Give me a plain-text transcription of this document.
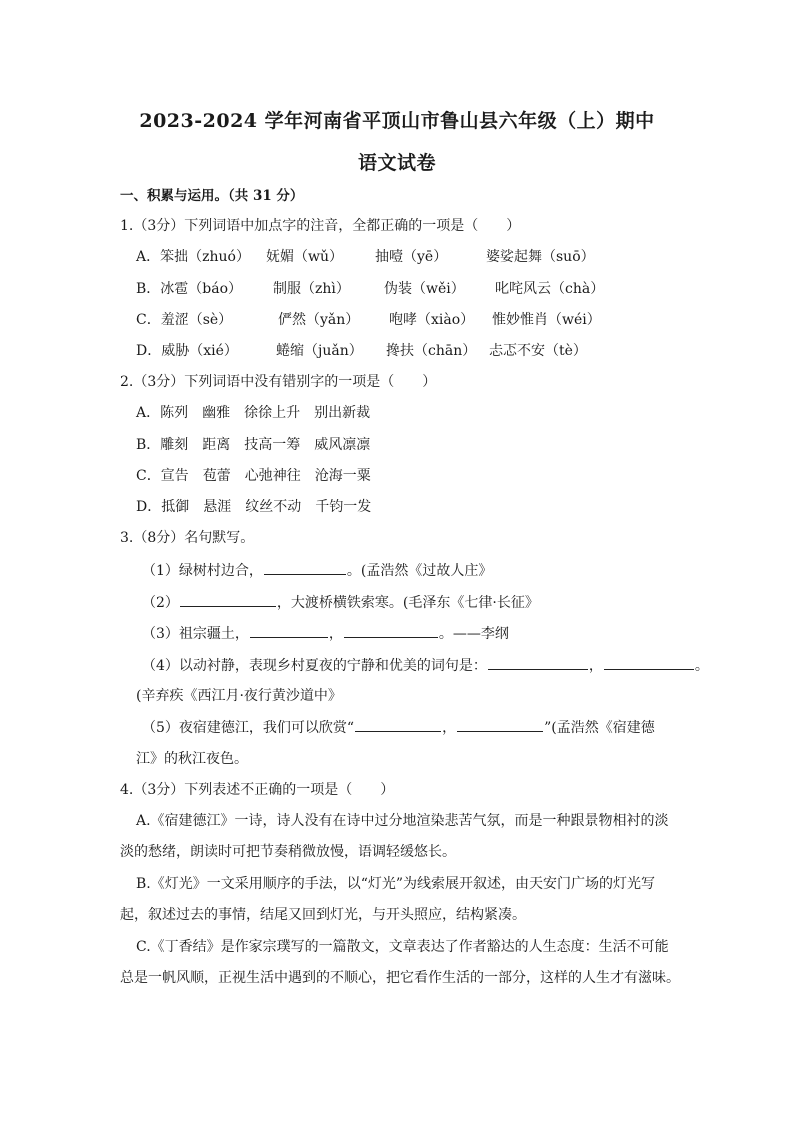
2023-2024 学年河南省平顶山市鲁山县六年级（上）期中
语文试卷
一、积累与运用。（共 31 分）
1.（3分）下列词语中加点字的注音，全都正确的一项是（　　）
A．笨拙（zhuó） 妩媚（wǔ） 抽噎（yē）	婆娑起舞（suō）
B．冰雹（báo） 制服（zhì） 伪装（wěi） 叱咤风云（chà）
C．羞涩（sè）	俨然（yǎn） 咆哮（xiào） 惟妙惟肖（wéi）
D．威胁（xié）	蜷缩（juǎn） 搀扶（chān） 忐忑不安（tè）
2.（3分）下列词语中没有错别字的一项是（　　）
A．陈列　幽雅　徐徐上升　别出新裁
B．雕刻　距离　技高一筹　威风凛凛
C．宣告　苞蕾　心弛神往　沧海一粟
D．抵御　悬涯　纹丝不动　千钧一发
3.（8分）名句默写。
（1）绿树村边合，	。(孟浩然《过故人庄》
（2）	，大渡桥横铁索寒。(毛泽东《七律·长征》
（3）祖宗疆土，	，	。——李纲
（4）以动衬静，表现乡村夏夜的宁静和优美的词句是：	，	。
(辛弃疾《西江月·夜行黄沙道中》
（5）夜宿建德江，我们可以欣赏“	，	”(孟浩然《宿建德
江》的秋江夜色。
4.（3分）下列表述不正确的一项是（　　）
A.《宿建德江》一诗，诗人没有在诗中过分地渲染悲苦气氛，而是一种跟景物相衬的淡
淡的愁绪，朗读时可把节奏稍微放慢，语调轻缓悠长。
B.《灯光》一文采用顺序的手法，以“灯光”为线索展开叙述，由天安门广场的灯光写
起，叙述过去的事情，结尾又回到灯光，与开头照应，结构紧凑。
C.《丁香结》是作家宗璞写的一篇散文，文章表达了作者豁达的人生态度：生活不可能
总是一帆风顺，正视生活中遇到的不顺心，把它看作生活的一部分，这样的人生才有滋味。
